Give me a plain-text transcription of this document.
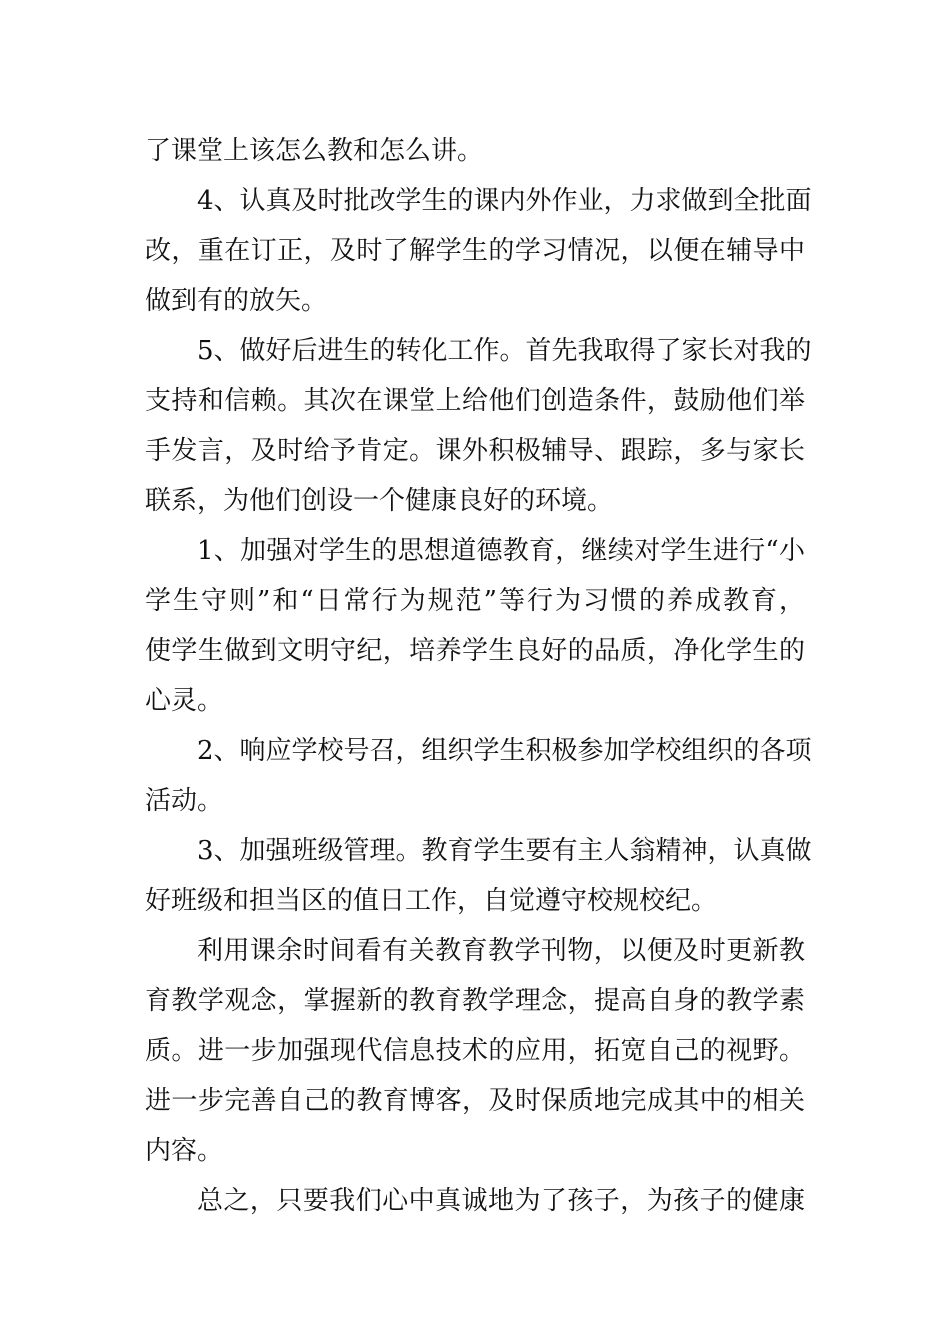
了课堂上该怎么教和怎么讲。
4、认真及时批改学生的课内外作业，力求做到全批面
改，重在订正，及时了解学生的学习情况，以便在辅导中
做到有的放矢。
5、做好后进生的转化工作。首先我取得了家长对我的
支持和信赖。其次在课堂上给他们创造条件，鼓励他们举
手发言，及时给予肯定。课外积极辅导、跟踪，多与家长
联系，为他们创设一个健康良好的环境。
1、加强对学生的思想道德教育，继续对学生进行“小
学生守则”和“日常行为规范”等行为习惯的养成教育，
使学生做到文明守纪，培养学生良好的品质，净化学生的
心灵。
2、响应学校号召，组织学生积极参加学校组织的各项
活动。
3、加强班级管理。教育学生要有主人翁精神，认真做
好班级和担当区的值日工作，自觉遵守校规校纪。
利用课余时间看有关教育教学刊物，以便及时更新教
育教学观念，掌握新的教育教学理念，提高自身的教学素
质。进一步加强现代信息技术的应用，拓宽自己的视野。
进一步完善自己的教育博客，及时保质地完成其中的相关
内容。
总之，只要我们心中真诚地为了孩子，为孩子的健康
